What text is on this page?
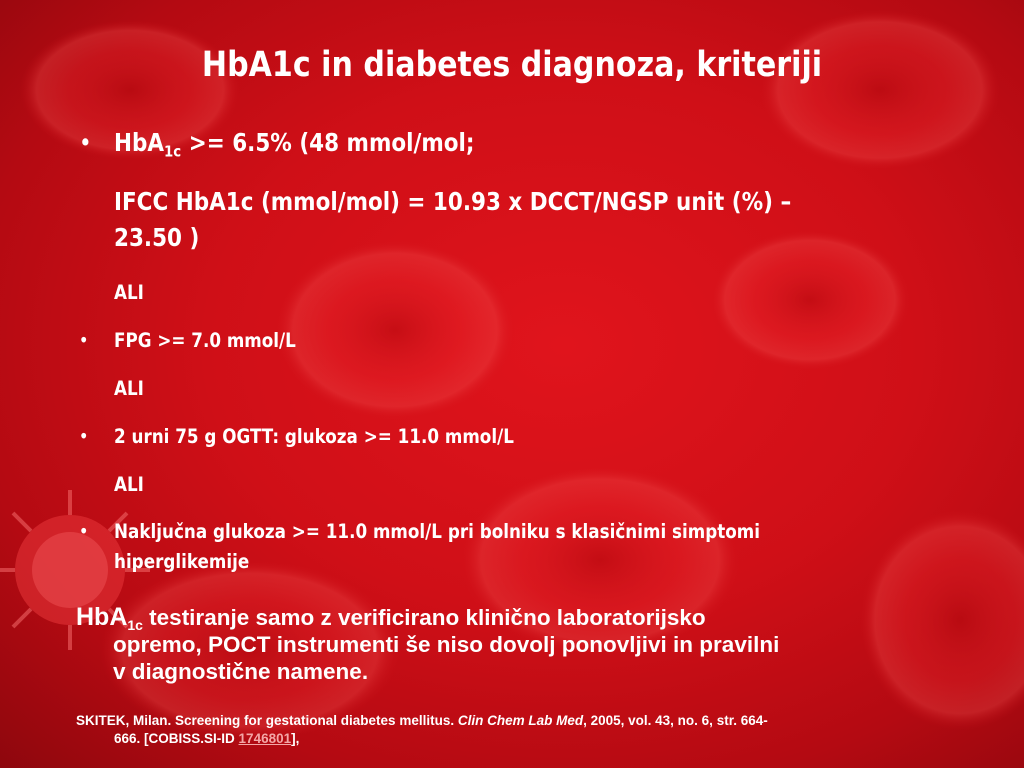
HbA1c in diabetes diagnoza, kriteriji
• HbA$_{1c}$ >= 6.5% (48 mmol/mol;
IFCC HbA1c (mmol/mol) = 10.93 x DCCT/NGSP unit (%) –
23.50 )
ALI
• FPG >= 7.0 mmol/L
ALI
• 2 urni 75 g OGTT: glukoza >= 11.0 mmol/L
ALI
• Naključna glukoza >= 11.0 mmol/L pri bolniku s klasičnimi simptomi
hiperglikemije
HbA$_{1c}$ testiranje samo z verificirano klinično laboratorijsko
opremo, POCT instrumenti še niso dovolj ponovljivi in pravilni
v diagnostične namene.
SKITEK, Milan. Screening for gestational diabetes mellitus. Clin Chem Lab Med, 2005, vol. 43, no. 6, str. 664-
666. [COBISS.SI-ID 1746801],
